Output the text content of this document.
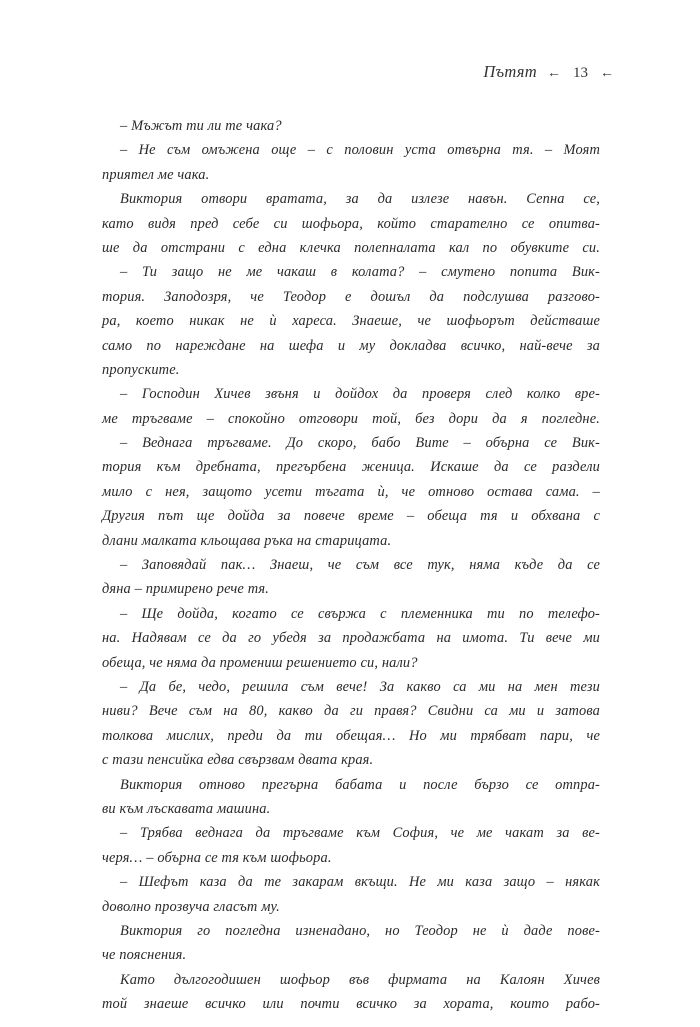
Пътят ← 13 ←
– Мъжът ти ли те чака?
– Не съм омъжена още – с половин уста отвърна тя. – Моят
приятел ме чака.
Виктория отвори вратата, за да излезе навън. Сепна се,
като видя пред себе си шофьора, който старателно се опитва-
ше да отстрани с една клечка полепналата кал по обувките си.
– Ти защо не ме чакаш в колата? – смутено попита Вик-
тория. Заподозря, че Теодор е дошъл да подслушва разгово-
ра, което никак не ѝ хареса. Знаеше, че шофьорът действаше
само по нареждане на шефа и му докладва всичко, най-вече за
пропуските.
– Господин Хичев звъня и дойдох да проверя след колко вре-
ме тръгваме – спокойно отговори той, без дори да я погледне.
– Веднага тръгваме. До скоро, бабо Вите – обърна се Вик-
тория към дребната, прегърбена женица. Искаше да се раздели
мило с нея, защото усети тъгата ѝ, че отново остава сама. –
Другия път ще дойда за повече време – обеща тя и обхвана с
длани малката кльощава ръка на старицата.
– Заповядай пак… Знаеш, че съм все тук, няма къде да се
дяна – примирено рече тя.
– Ще дойда, когато се свържа с племенника ти по телефо-
на. Надявам се да го убедя за продажбата на имота. Ти вече ми
обеща, че няма да промениш решението си, нали?
– Да бе, чедо, решила съм вече! За какво са ми на мен тези
ниви? Вече съм на 80, какво да ги правя? Свидни са ми и затова
толкова мислих, преди да ти обещая… Но ми трябват пари, че
с тази пенсийка едва свързвам двата края.
Виктория отново прегърна бабата и после бързо се отпра-
ви към лъскавата машина.
– Трябва веднага да тръгваме към София, че ме чакат за ве-
черя… – обърна се тя към шофьора.
– Шефът каза да те закарам вкъщи. Не ми каза защо – някак
доволно прозвуча гласът му.
Виктория го погледна изненадано, но Теодор не ѝ даде пове-
че пояснения.
Като дългогодишен шофьор във фирмата на Калоян Хичев
той знаеше всичко или почти всичко за хората, които рабо-
